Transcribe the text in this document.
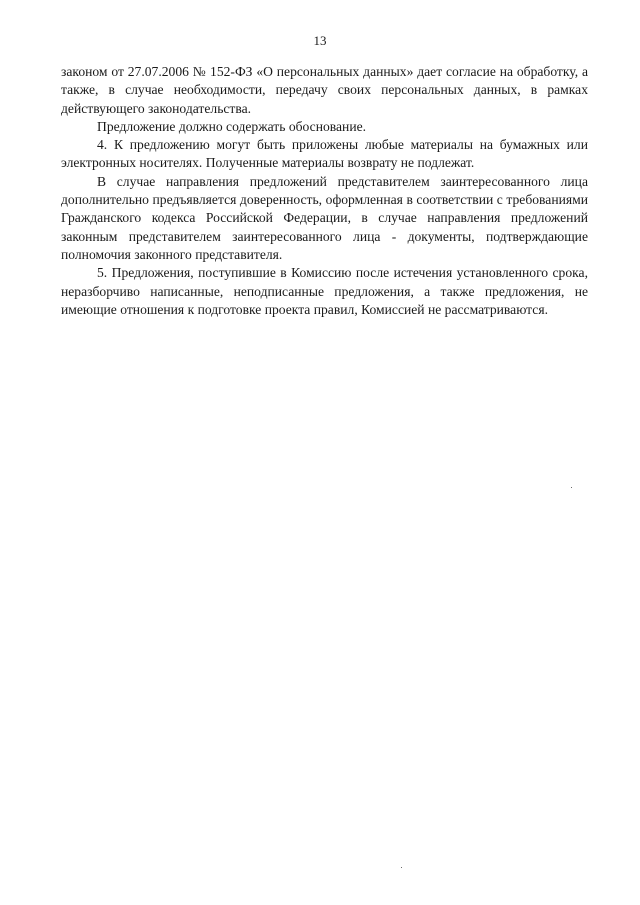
13

законом от 27.07.2006 № 152-ФЗ «О персональных данных» дает согласие на обработку, а также, в случае необходимости, передачу своих персональных данных, в рамках действующего законодательства.

Предложение должно содержать обоснование.

4. К предложению могут быть приложены любые материалы на бумажных или электронных носителях. Полученные материалы возврату не подлежат.

В случае направления предложений представителем заинтересованного лица дополнительно предъявляется доверенность, оформленная в соответствии с требованиями Гражданского кодекса Российской Федерации, в случае направления предложений законным представителем заинтересованного лица - документы, подтверждающие полномочия законного представителя.

5. Предложения, поступившие в Комиссию после истечения установленного срока, неразборчиво написанные, неподписанные предложения, а также предложения, не имеющие отношения к подготовке проекта правил, Комиссией не рассматриваются.
